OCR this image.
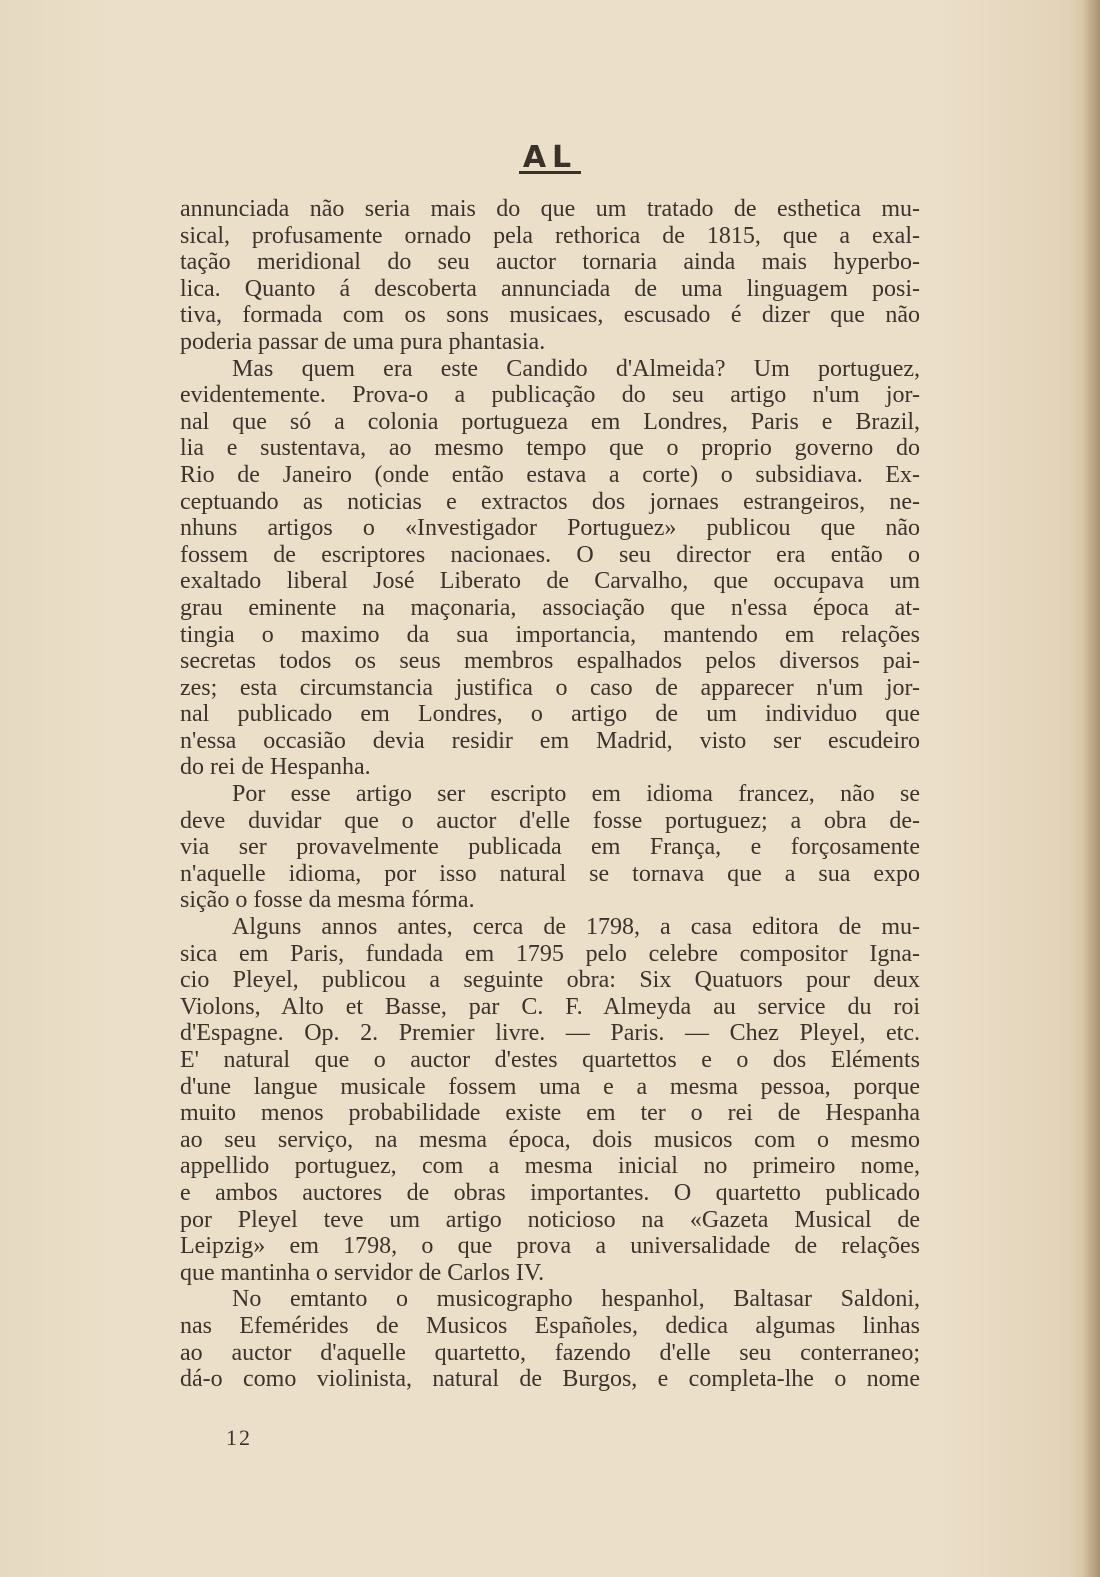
AL
annunciada não seria mais do que um tratado de esthetica mu-
sical, profusamente ornado pela rethorica de 1815, que a exal-
tação meridional do seu auctor tornaria ainda mais hyperbo-
lica. Quanto á descoberta annunciada de uma linguagem posi-
tiva, formada com os sons musicaes, escusado é dizer que não
poderia passar de uma pura phantasia.
Mas quem era este Candido d'Almeida? Um portuguez,
evidentemente. Prova-o a publicação do seu artigo n'um jor-
nal que só a colonia portugueza em Londres, Paris e Brazil,
lia e sustentava, ao mesmo tempo que o proprio governo do
Rio de Janeiro (onde então estava a corte) o subsidiava. Ex-
ceptuando as noticias e extractos dos jornaes estrangeiros, ne-
nhuns artigos o «Investigador Portuguez» publicou que não
fossem de escriptores nacionaes. O seu director era então o
exaltado liberal José Liberato de Carvalho, que occupava um
grau eminente na maçonaria, associação que n'essa época at-
tingia o maximo da sua importancia, mantendo em relações
secretas todos os seus membros espalhados pelos diversos pai-
zes; esta circumstancia justifica o caso de apparecer n'um jor-
nal publicado em Londres, o artigo de um individuo que
n'essa occasião devia residir em Madrid, visto ser escudeiro
do rei de Hespanha.
Por esse artigo ser escripto em idioma francez, não se
deve duvidar que o auctor d'elle fosse portuguez; a obra de-
via ser provavelmente publicada em França, e forçosamente
n'aquelle idioma, por isso natural se tornava que a sua expo
sição o fosse da mesma fórma.
Alguns annos antes, cerca de 1798, a casa editora de mu-
sica em Paris, fundada em 1795 pelo celebre compositor Igna-
cio Pleyel, publicou a seguinte obra: Six Quatuors pour deux
Violons, Alto et Basse, par C. F. Almeyda au service du roi
d'Espagne. Op. 2. Premier livre. — Paris. — Chez Pleyel, etc.
E' natural que o auctor d'estes quartettos e o dos Eléments
d'une langue musicale fossem uma e a mesma pessoa, porque
muito menos probabilidade existe em ter o rei de Hespanha
ao seu serviço, na mesma época, dois musicos com o mesmo
appellido portuguez, com a mesma inicial no primeiro nome,
e ambos auctores de obras importantes. O quartetto publicado
por Pleyel teve um artigo noticioso na «Gazeta Musical de
Leipzig» em 1798, o que prova a universalidade de relações
que mantinha o servidor de Carlos IV.
No emtanto o musicographo hespanhol, Baltasar Saldoni,
nas Efemérides de Musicos Españoles, dedica algumas linhas
ao auctor d'aquelle quartetto, fazendo d'elle seu conterraneo;
dá-o como violinista, natural de Burgos, e completa-lhe o nome
12
